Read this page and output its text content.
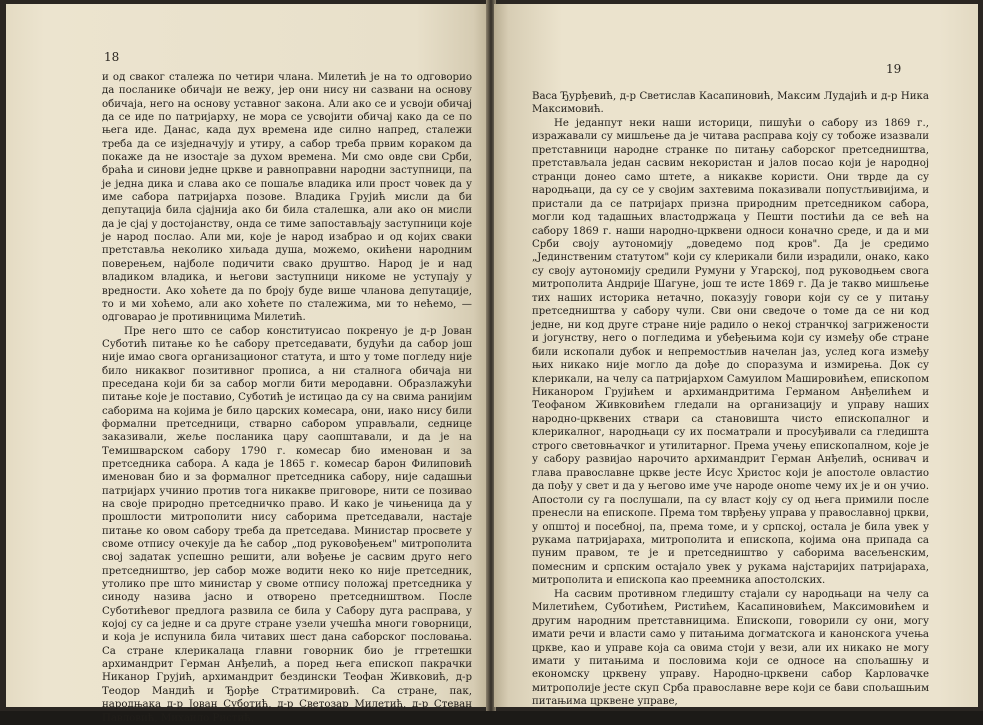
18

и од сваког сталежа по четири члана. Милетић је на то одговорио да посланике обичаји не вежу, јер они нису ни сазвани на основу обичаја, него на основу уставног закона. Али ако се и усвоји обичај да се иде по патријарху, не мора се усвојити обичај како да се по њега иде. Данас, када дух времена иде силно напред, сталежи треба да се изједначују и утиру, а сабор треба првим кораком да покаже да не изостаје за духом времена. Ми смо овде сви Срби, браћа и синови једне цркве и равноправни народни заступници, па је једна дика и слава ако се пошаље владика или прост човек да у име сабора патријарха позове. Владика Грујић мисли да би депутација била сјајнија ако би била сталешка, али ако он мисли да је сјај у достојанству, онда се тиме запостављају заступници које је народ послао. Али ми, које је народ изабрао и од којих сваки претставља неколико хиљада душа, можемо, окићени народним поверењем, најболе подичити свако друштво. Народ је и над владиком владика, и његови заступници никоме не уступају у вредности. Ако хоћете да по броју буде више чланова депутације, то и ми хоћемо, али ако хоћете по сталежима, ми то нећемо, — одговарао је противницима Милетић.

Пре него што се сабор конституисао покренуо је д-р Јован Суботић питање ко ће сабору претседавати, будући да сабор још није имао свога организационог статута, и што у томе погледу није било никаквог позитивног прописа, а ни сталнога обичаја ни преседана који би за сабор могли бити меродавни. Образлажући питање које је поставио, Суботић је истицао да су на свима ранијим саборима на којима је било царских комесара, они, иако нису били формални претседници, стварно сабором управљали, седнице заказивали, жеље посланика цару саопштавали, и да је на Темишварском сабору 1790 г. комесар био именован и за претседника сабора. А када је 1865 г. комесар барон Филиповић именован био и за формалног претседника сабору, није садашњи патријарх учинио против тога никакве приговоре, нити се позивао на своје природно претседничко право. И како је чињеница да у прошлости митрополити нису саборима претседавали, настаје питање ко овом сабору треба да претседава. Министар просвете у своме отпису очекује да ће сабор „под руковођењем" митрополита свој задатак успешно решити, али вођење је сасвим друго него претседништво, јер сабор може водити неко ко није претседник, утолико пре што министар у своме отпису положај претседника у синоду назива јасно и отворено претседништвом. После Суботићевог предлога развила се била у Сабору дуга расправа, у којој су са једне и са друге стране узели учешћа многи говорници, и која је испунила била читавих шест дана саборског пословања. Са стране клерикалаца главни говорник био је ггретешки архимандрит Герман Анђелић, а поред њега епископ пакрачки Никанор Грујић, архимандрит бездински Теофан Живковић, д-р Теодор Мандић и Ђорђе Стратимировић. Са стране, пак, народњака д-р Јован Суботић, д-р Светозар Милетић, д-р Стеван Павловић, Михаило Ристић,

19

Васа Ђурђевић, д-р Светислав Касапиновић, Максим Лудајић и д-р Ника Максимовић.

Не једанпут неки наши историци, пишући о сабору из 1869 г., изражавали су мишљење да је читава расправа коју су тобоже изазвали претставници народне странке по питању саборског претседништва, претстављала један сасвим некористан и јалов посао који је народној странци донео само штете, а никакве користи. Они тврде да су народњаци, да су се у својим захтевима показивали попустљивијима, и пристали да се патријарх призна природним претседником сабора, могли код тадашњих властодржаца у Пешти постићи да се већ на сабору 1869 г. наши народно-црквени односи коначно среде, и да и ми Срби своју аутономију „доведемо под кров". Да је средимо „Јединственим статутом" који су клерикали били израдили, онако, како су своју аутономију средили Румуни у Угарској, под руководњем свога митрополита Андрије Шагуне, још те исте 1869 г. Да је такво мишљење тих наших историка нетачно, показују говори који су се у питању претседништва у сабору чули. Сви они сведоче о томе да се ни код једне, ни код друге стране није радило о некој странчкој загрижености и јогунству, него о погледима и убеђењима који су између обе стране били ископали дубок и непремостљив начелан јаз, услед кога између њих никако није могло да дође до споразума и измирења. Док су клерикали, на челу са патријархом Самуилом Машировићем, епископом Никанором Грујићем и архимандритима Германом Анђелићем и Теофаном Живковићем гледали на организацију и управу наших народно-црквених ствари са становишта чисто епископалног и клерикалног, народњаци су их посматрали и просуђивали са гледишта строго световњачког и утилитарног. Према учењу епископалном, које је у сабору развијао нарочито архимандрит Герман Анђелић, оснивач и глава православне цркве јесте Исус Христос који је апостоле овластио да пођу у свет и да у његово име уче народе онome чему их је и он учио. Апостоли су га послушали, па су власт коју су од њега примили после пренесли на епископе. Према том тврђењу управа у православној цркви, у општој и посебној, па, према томе, и у српској, остала је била увек у рукама патријараха, митрополита и епископа, којима она припада са пуним правом, те је и претседништво у саборима васељенским, помесним и српским остајало увек у рукама најстаријих патријараха, митрополита и епископа као преемника апостолских.

На сасвим противном гледишту стајали су народњаци на челу са Милетићем, Суботићем, Ристићем, Касапиновићем, Максимовићем и другим народним претставницима. Епископи, говорили су они, могу имати речи и власти само у питањима догматскога и канонскога учења цркве, као и управе која са овима стоји у вези, али их никако не могу имати у питањима и пословима који се односе на спољашњу и економску црквену управу. Народно-црквени сабор Карловачке митрополије јесте скуп Срба православне вере који се бави спољашњим питањима црквене управе,
